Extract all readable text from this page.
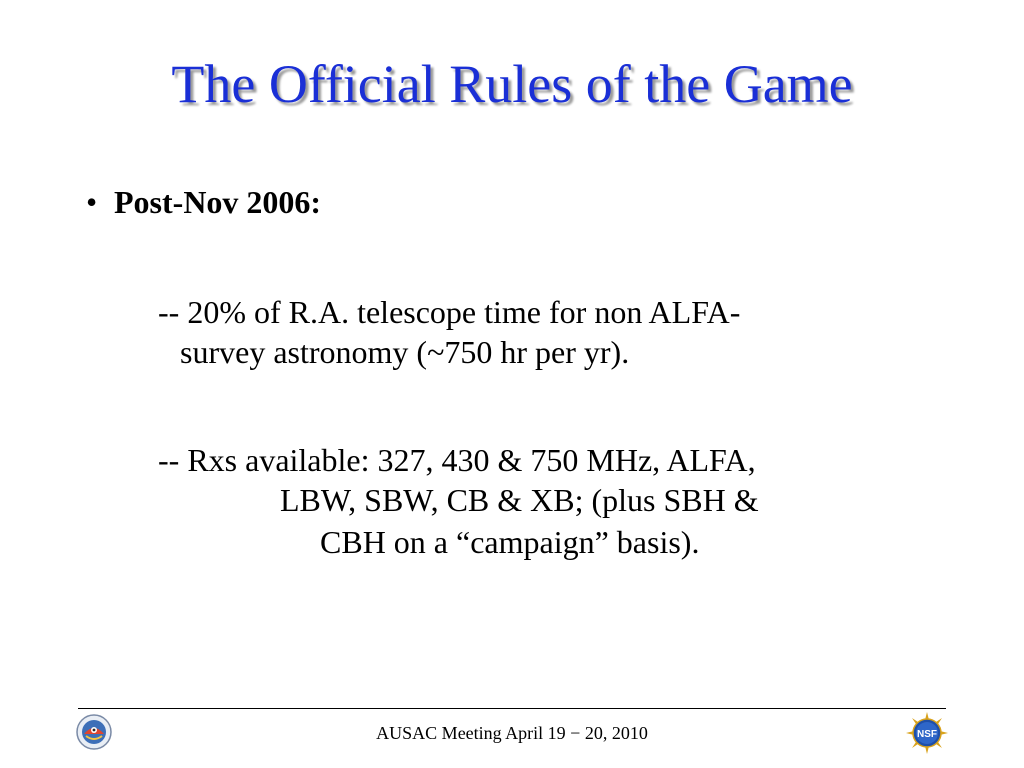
The Official Rules of the Game
• Post-Nov 2006:
-- 20% of R.A. telescope time for non ALFA-
survey astronomy (~750 hr per yr).
-- Rxs available: 327, 430 & 750 MHz, ALFA,
LBW, SBW, CB & XB; (plus SBH &
CBH on a “campaign” basis).
AUSAC Meeting April 19 − 20, 2010	NSF
